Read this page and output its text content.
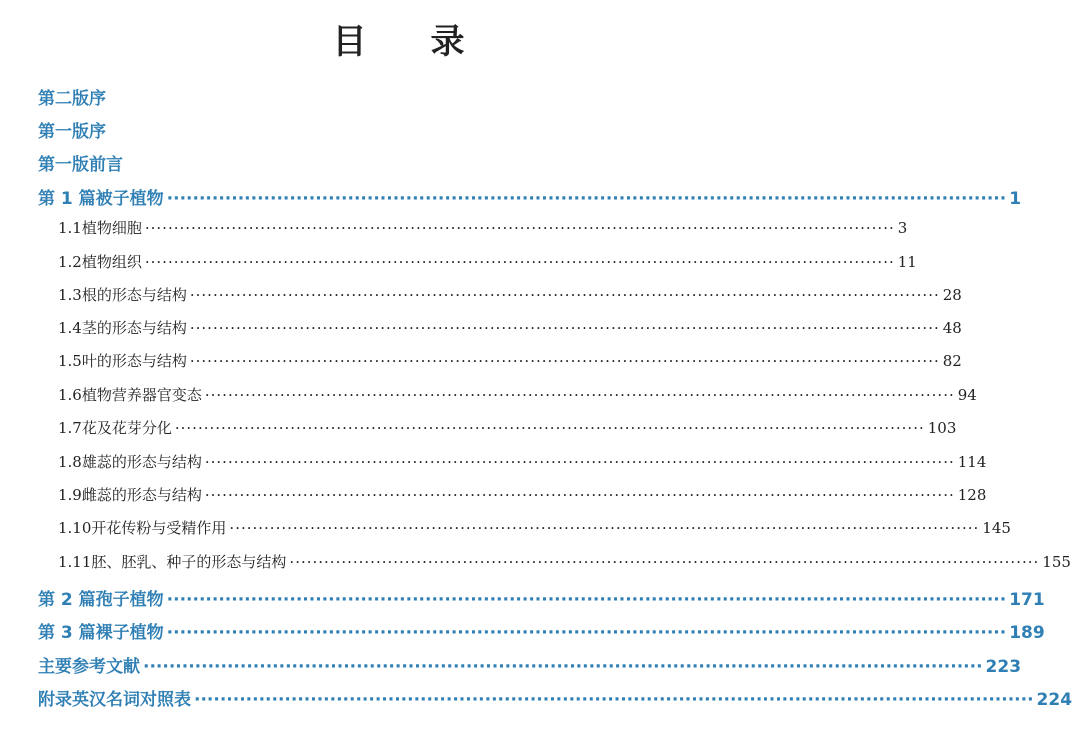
目 录
第二版序
第一版序
第一版前言
第 1 篇 被子植物 ·································································································································· 1
1.1 植物细胞 ·································································································································· 3
1.2 植物组织 ·································································································································· 11
1.3 根的形态与结构 ·································································································································· 28
1.4 茎的形态与结构 ·································································································································· 48
1.5 叶的形态与结构 ·································································································································· 82
1.6 植物营养器官变态 ·································································································································· 94
1.7 花及花芽分化 ·································································································································· 103
1.8 雄蕊的形态与结构 ·································································································································· 114
1.9 雌蕊的形态与结构 ·································································································································· 128
1.10 开花传粉与受精作用 ·································································································································· 145
1.11 胚、胚乳、种子的形态与结构 ·································································································································· 155
第 2 篇 孢子植物 ·································································································································· 171
第 3 篇 裸子植物 ·································································································································· 189
主要参考文献 ·································································································································· 223
附录 英汉名词对照表 ·································································································································· 224
